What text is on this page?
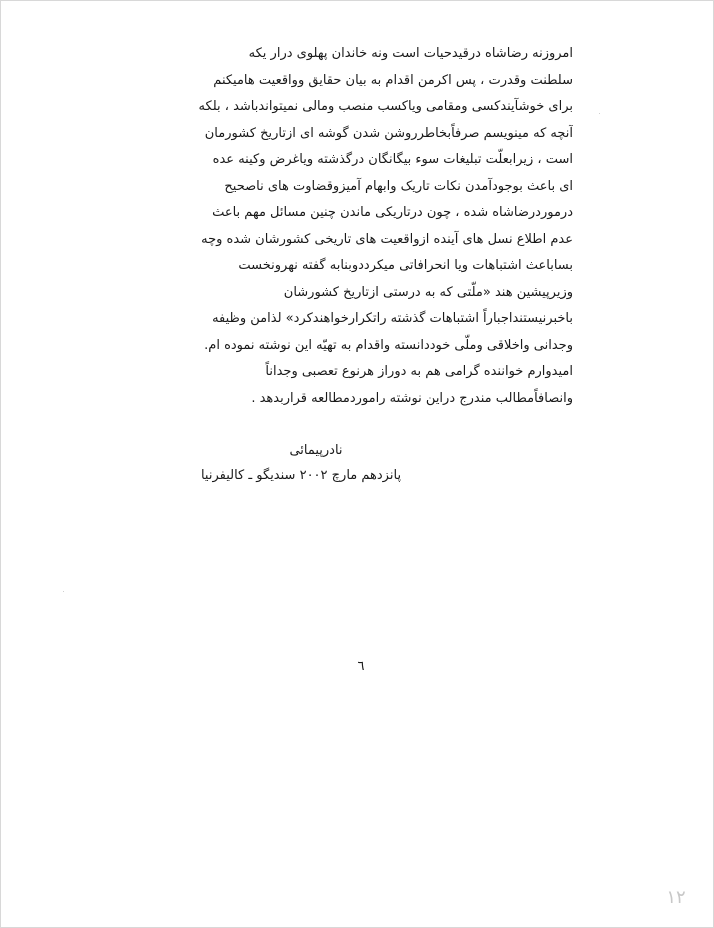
امروزنه رضاشاه درقیدحیات است ونه خاندان پهلوی درار یکه
سلطنت وقدرت ، پس اکرمن اقدام به بیان حقایق وواقعیت هامیکنم
برای خوشآیندکسی ومقامی ویاکسب منصب ومالی نمیتواندباشد ، بلکه
آنچه که مینویسم صرفاًبخاطرروشن شدن گوشه ای ازتاریخ کشورمان
است ، زیرابعلّت تبلیغات سوء بیگانگان درگذشته ویاغرض وکینه عده
ای باعث بوجودآمدن نکات تاریک وابهام آمیزوقضاوت های ناصحیح
درموردرضاشاه شده ، چون درتاریکی ماندن چنین مسائل مهم باعث
عدم اطلاع نسل های آینده ازواقعیت های تاریخی کشورشان شده وچه
بساباعث اشتباهات ویا انحرافاتی میکرددوبنابه گفته نهرونخست
وزیرپیشین هند «ملّتی که به درستی ازتاریخ کشورشان
باخبرنیستنداجباراً اشتباهات گذشته راتکرارخواهندکرد» لذامن وظیفه
وجدانی واخلاقی وملّی خوددانسته واقدام به تهیّه این نوشته نموده ام.
امیدوارم خواننده گرامی هم به دوراز هرنوع تعصبی وجداناً
وانصافاًمطالب مندرج دراین نوشته راموردمطالعه قراربدهد .
نادرپیمائی
پانزدهم مارچ ۲۰۰۲ سندیگو ـ کالیفرنیا
٦
۱۲
